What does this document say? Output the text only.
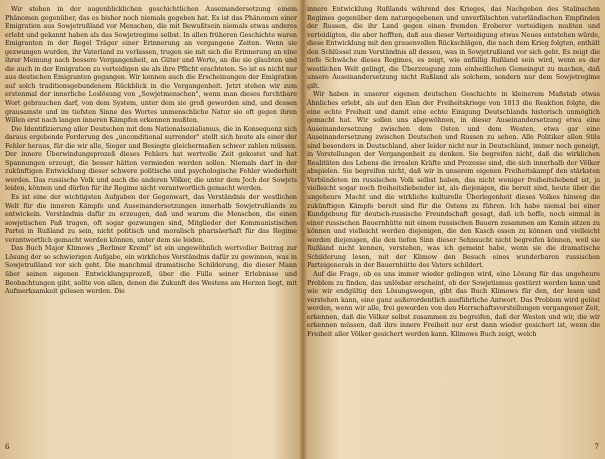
Wir stehen in der augenblicklichen geschichtlichen Auseinandersetzung einem Phänomen gegenüber, das es bisher noch niemals gegeben hat. Es ist das Phänomen einer Emigration aus Sowjetrußland vor Menschen, die mit Bewußtsein niemals etwas anderes erlebt und gekannt haben als das Sowjetregime selbst. In allen früheren Geschichte waren Emigranten in der Regel Träger einer Erinnerung an vergangene Zeiten. Wenn sie gezwungen wurden, ihr Vaterland zu verlassen, trugen sie mit sich die Erinnerung an eine ihrer Meinung nach bessere Vergangenheit, an Güter und Werte, an die sie glaubten und die auch in der Emigration zu verteidigen sie als ihre Pflicht erachteten. So ist es nicht nur aus deutschen Emigranten gegangen. Wir kennen auch die Erscheinungen der Emigration auf solch traditionsgebundenem Rückblick in die Vergangenheit. Jetzt stehen wir zum erstenmal der innerliche Loslösung von „Sowjetmenschen", wenn man dieses furchtbare Wort gebrauchen darf, von dem System, unter dem sie groß geworden sind, und dessen grausamste und im tiefsten Sinne des Wortes unmenschliche Natur sie oft gegen ihren Willen erst nach langen inneren Kämpfen erkennen mußten.

Die Identifizierung aller Deutschen mit dem Nationalsozialismus, die in Konsequenz sich daraus ergebende Forderung des „unconditional surrender" stellt sich heute als einer der Fehler heraus, für die wir alle, Sieger und Besiegte gleichermaßen schwer zahlen müssen. Der innere Überwindungsprozeß dieses Fehlers hat wertvolle Zeit gekostet und hat Spannungen erzeugt, die besser hätten vermieden werden sollen. Niemals darf in der zukünftigen Entwicklung dieser schwere politische und psychologische Fehler wiederholt werden. Das russische Volk und auch die anderen Völker, die unter dem Joch der Sowjets leiden, können und dürfen für ihr Regime nicht verantwortlich gemacht werden.

Es ist eine der wichtigsten Aufgaben der Gegenwart, das Verständnis der westlichen Welt für die inneren Kämpfe und Auseinandersetzungen innerhalb Sowjetrußlands zu entwickeln. Verständnis dafür zu erzeugen, daß und warum die Menschen, die einen sowjetischen Paß tragen, oft sogar gezwungen sind, Mitglieder der Kommunistischen Partei in Rußland zu sein, nicht politisch und moralisch pharisäerhaft für das Regime verantwortlich gemacht werden können, unter dem sie leiden.

Das Buch Major Klimows „Berliner Kreml" ist ein ungewöhnlich wertvoller Beitrag zur Lösung der so schwierigen Aufgabe, ein wirkliches Verständnis dafür zu gewinnen, was in Sowjetrußland vor sich geht. Die manchmal dramatische Schilderung, die dieser Mann über seinen eigenen Entwicklungsprozeß, über die Fülle seiner Erlebnisse und Beobachtungen gibt, sollte von allen, denen die Zukunft des Westens am Herzen liegt, mit Aufmerksamkeit gelesen werden. Die

6

innere Entwicklung Rußlands während des Krieges, das Nachgeben des Stalinschen Regimes gegenüber dem naturgegebenen und unverfälschten vaterländischen Empfinden der Russen, die ihr Land gegen einen fremden Eroberer verteidigen mußten und verteidigten, die aber hofften, daß aus dieser Verteidigung etwas Neues entstehen würde, diese Entwicklung mit den grauenvollen Rückschlägen, die nach dem Krieg folgten, enthält den Schlüssel zum Verständnis all dessen, was in Sowjetrußland vor sich geht. Es zeigt die tiefe Schwäche dieses Regimes, es zeigt, wie anfällig Rußland sein wird, wenn es der westlichen Welt gelingt, die Überzeugung zum einheitlichen Gemeingut zu machen, daß unsere Auseinandersetzung nicht Rußland als solchem, sondern nur dem Sowjetregime gilt.

Wir haben in unserer eigenen deutschen Geschichte in kleinerem Maßstab etwas Ähnliches erlebt, als auf den Elan der Freiheitskriege von 1813 die Reaktion folgte, die eine echte Freiheit und damit eine echte Einigung Deutschlands historisch unmöglich gemacht hat. Wir sollen uns abgewöhnen, in dieser Auseinandersetzung etwa eine Auseinandersetzung zwischen dem Osten und dem Westen, etwa gar eine Auseinandersetzung zwischen Deutschen und Russen zu sehen. Alle Politiker allen Stils sind besonders in Deutschland, aber leider nicht nur in Deutschland, immer noch geneigt, in Vorstellungen der Vergangenheit zu denken. Sie begreifen nicht, daß die wirklichen Realitäten des Lebens die irrealen Kräfte und Prozesse sind, die sich innerhalb der Völker abspielen. Sie begreifen nicht, daß wir in unserem eigenen Freiheitskampf den stärksten Verbündeten im russischen Volk selbst haben, das nicht weniger freiheitsliebend ist, ja vielleicht sogar noch freiheitsliebender ist, als diejenigen, die bereit sind, heute über die ungeheure Macht und die wirkliche kulturelle Überlegenheit dieses Volkes hinweg die zukünftigen Kämpfe bereit sind für die Ostens zu führen. Ich habe niemal bei einer Kundgebung für deutsch-russische Freundschaft gesagt, daß ich hoffe, noch einmal in einer russischen Bauernhütte mit einem russischen Bauern zusammen am Kamin sitzen zu können und vielleicht werden diejenigen, die den Kasch essen zu können und vielleicht werden diejenigen, die den tiefen Sinn dieser Sehnsucht nicht begreifen können, weil sie Rußland nicht kennen, verstehen, was ich gemeint habe, wenn sie die dramatische Schilderung lesen, mit der Klimow den Besuch eines wunderbaren russischen Parteigenerals in der Bauernhütte des Vaters schildert.

Auf die Frage, ob es uns immer wieder gelingen wird, eine Lösung für das ungeheure Problem zu finden, das unlösbar erscheint, ob der Sowjetismus gestürzt werden kann und wie wir endgültig den Lösungswegen, gibt das Buch Klimows für den, der lesen und verstehen kann, eine ganz außerordentlich ausführliche Antwort. Das Problem wird gelöst werden, wenn wir alle, frei geworden von den Herrschaftsvorstellungen vergangener Zeit, erkennen, daß die Völker selbst zusammen zu begreifen, daß der Westen und wir, die wir erkennen müssen, daß ihre innere Freiheit nur erst dann wieder gesichert ist, wenn die Freiheit aller Völker gesichert werden kann. Klimows Buch zeigt, welch

7
